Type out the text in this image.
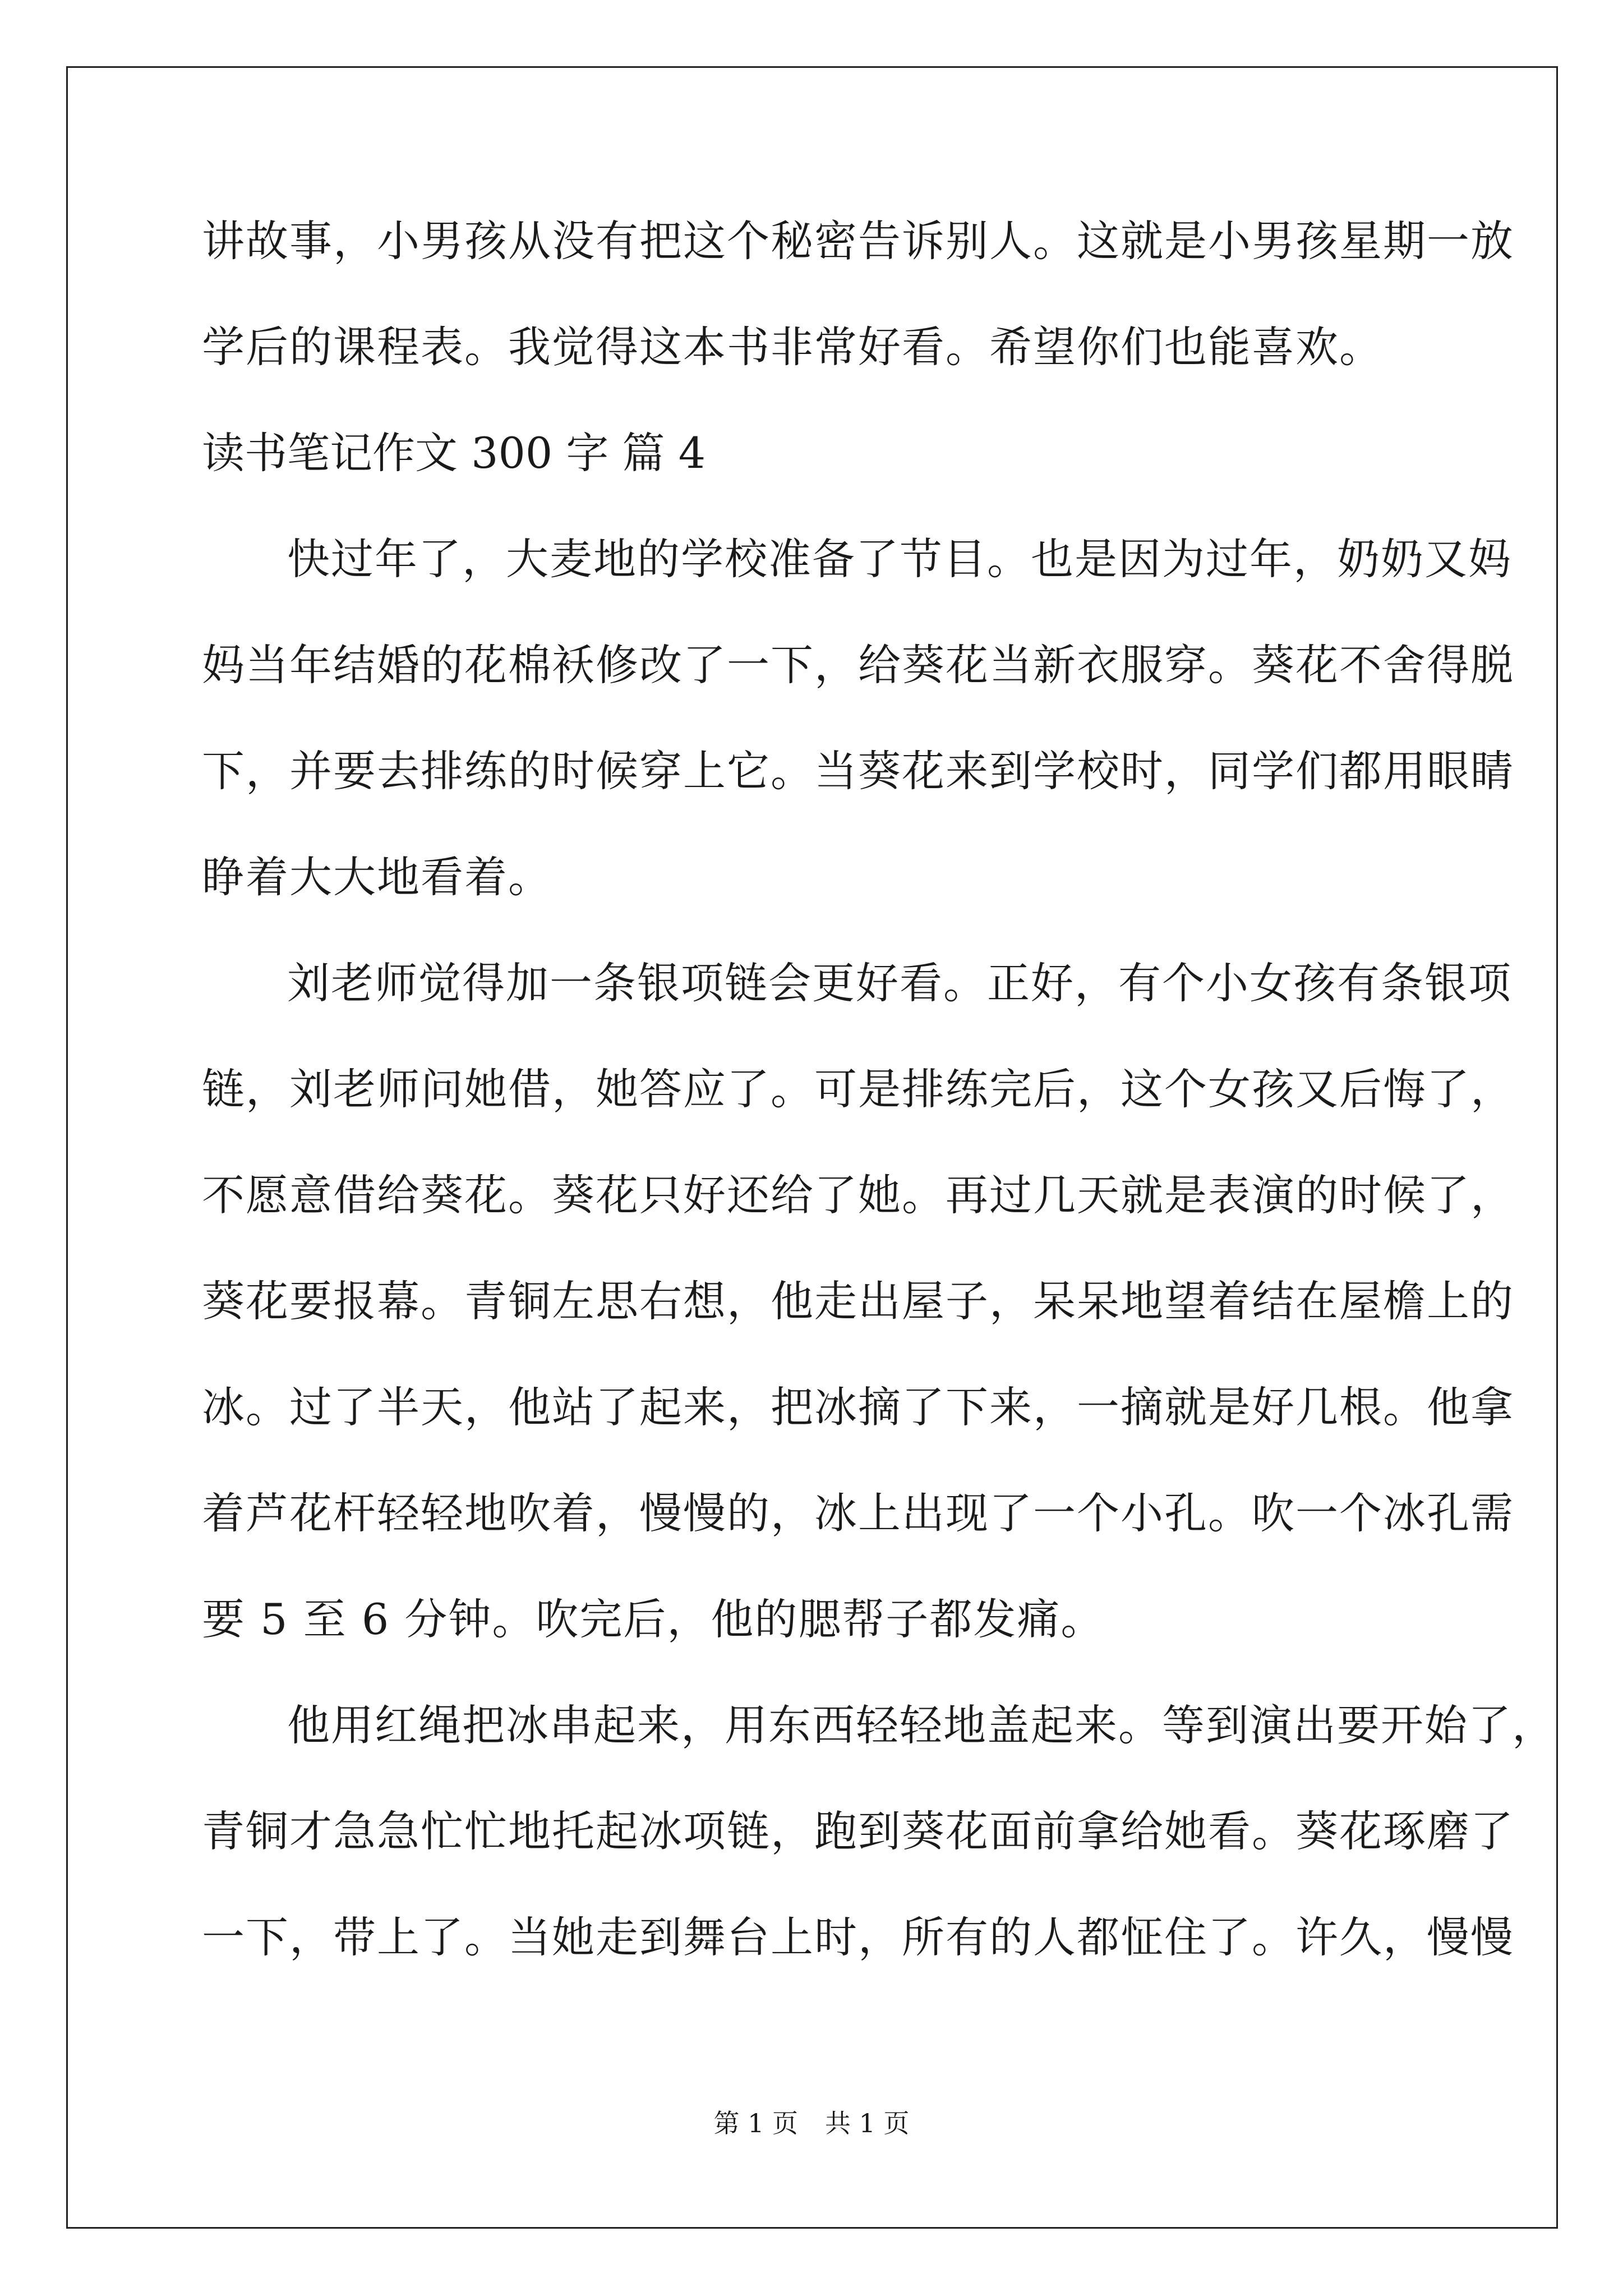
讲故事，小男孩从没有把这个秘密告诉别人。这就是小男孩星期一放
学后的课程表。我觉得这本书非常好看。希望你们也能喜欢。
读书笔记作文 300 字 篇 4
快过年了，大麦地的学校准备了节目。也是因为过年，奶奶又妈
妈当年结婚的花棉袄修改了一下，给葵花当新衣服穿。葵花不舍得脱
下，并要去排练的时候穿上它。当葵花来到学校时，同学们都用眼睛
睁着大大地看着。
刘老师觉得加一条银项链会更好看。正好，有个小女孩有条银项
链，刘老师问她借，她答应了。可是排练完后，这个女孩又后悔了，
不愿意借给葵花。葵花只好还给了她。再过几天就是表演的时候了，
葵花要报幕。青铜左思右想，他走出屋子，呆呆地望着结在屋檐上的
冰。过了半天，他站了起来，把冰摘了下来，一摘就是好几根。他拿
着芦花杆轻轻地吹着，慢慢的，冰上出现了一个小孔。吹一个冰孔需
要 5 至 6 分钟。吹完后，他的腮帮子都发痛。
他用红绳把冰串起来，用东西轻轻地盖起来。等到演出要开始了，
青铜才急急忙忙地托起冰项链，跑到葵花面前拿给她看。葵花琢磨了
一下，带上了。当她走到舞台上时，所有的人都怔住了。许久，慢慢
第 1 页 共 1 页
